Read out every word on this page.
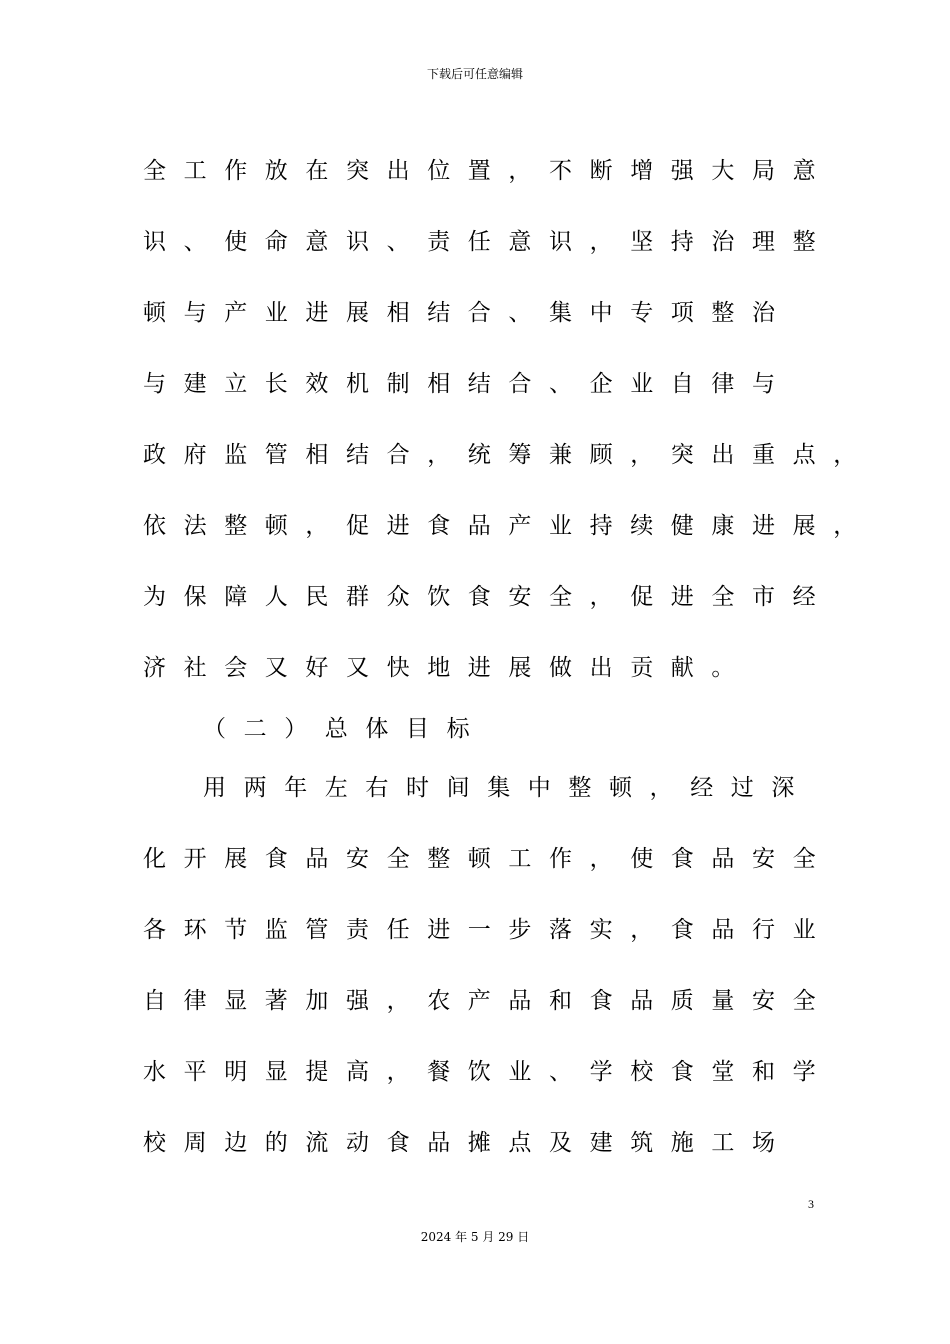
下载后可任意编辑
全工作放在突出位置，不断增强大局意
识、使命意识、责任意识，坚持治理整
顿与产业进展相结合、集中专项整治
与建立长效机制相结合、企业自律与
政府监管相结合，统筹兼顾，突出重点，
依法整顿，促进食品产业持续健康进展，
为保障人民群众饮食安全，促进全市经
济社会又好又快地进展做出贡献。
（二）总体目标
用两年左右时间集中整顿，经过深
化开展食品安全整顿工作，使食品安全
各环节监管责任进一步落实，食品行业
自律显著加强，农产品和食品质量安全
水平明显提高，餐饮业、学校食堂和学
校周边的流动食品摊点及建筑施工场
3
2024 年 5 月 29 日
